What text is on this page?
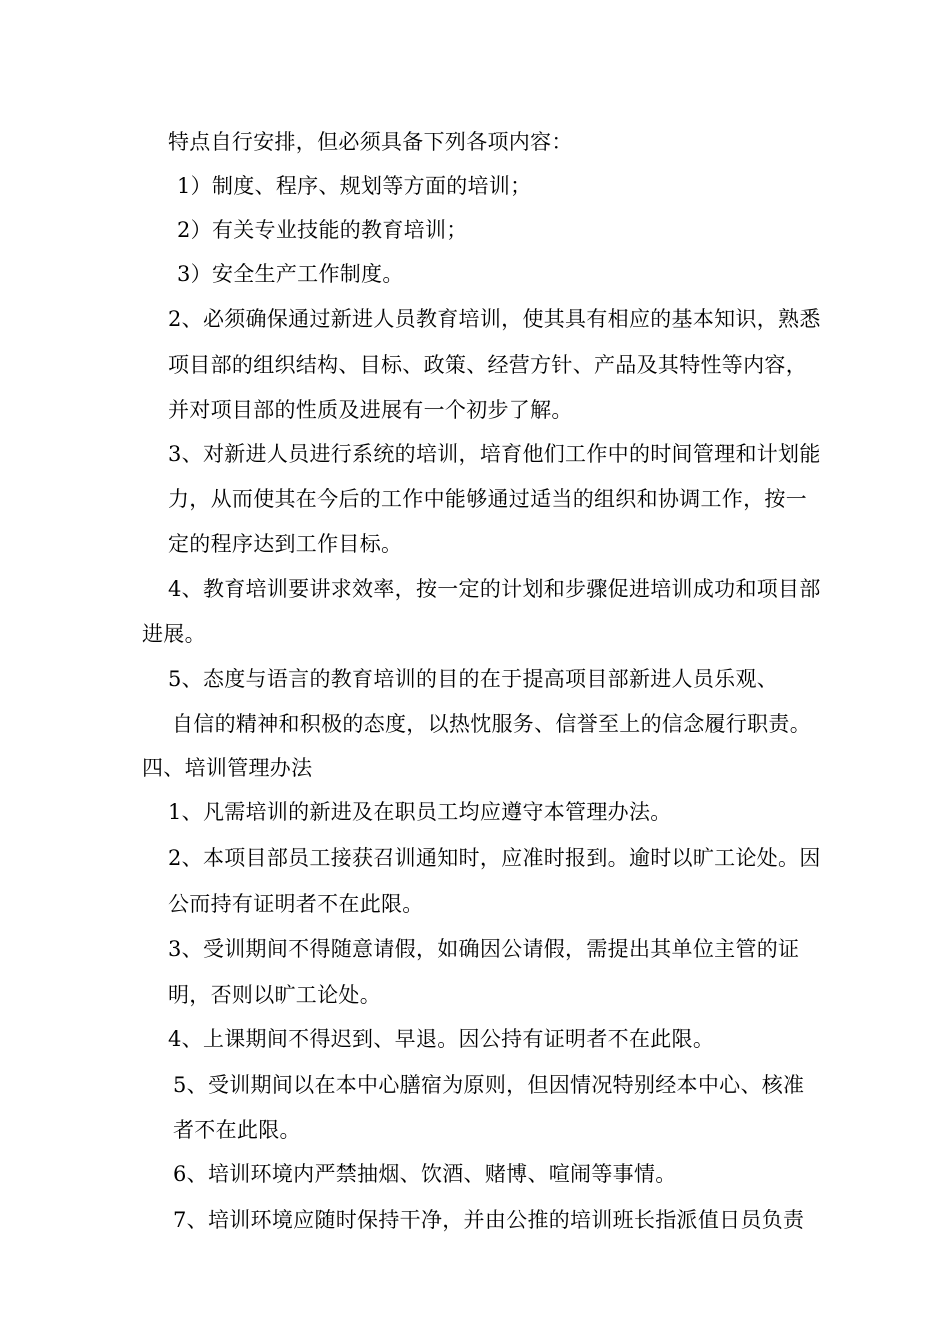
特点自行安排，但必须具备下列各项内容：
1）制度、程序、规划等方面的培训；
2）有关专业技能的教育培训；
3）安全生产工作制度。
2、必须确保通过新进人员教育培训，使其具有相应的基本知识，熟悉
项目部的组织结构、目标、政策、经营方针、产品及其特性等内容，
并对项目部的性质及进展有一个初步了解。
3、对新进人员进行系统的培训，培育他们工作中的时间管理和计划能
力，从而使其在今后的工作中能够通过适当的组织和协调工作，按一
定的程序达到工作目标。
4、教育培训要讲求效率，按一定的计划和步骤促进培训成功和项目部
进展。
5、态度与语言的教育培训的目的在于提高项目部新进人员乐观、
自信的精神和积极的态度，以热忱服务、信誉至上的信念履行职责。
四、培训管理办法
1、凡需培训的新进及在职员工均应遵守本管理办法。
2、本项目部员工接获召训通知时，应准时报到。逾时以旷工论处。因
公而持有证明者不在此限。
3、受训期间不得随意请假，如确因公请假，需提出其单位主管的证
明，否则以旷工论处。
4、上课期间不得迟到、早退。因公持有证明者不在此限。
5、受训期间以在本中心膳宿为原则，但因情况特别经本中心、核准
者不在此限。
6、培训环境内严禁抽烟、饮酒、赌博、喧闹等事情。
7、培训环境应随时保持干净，并由公推的培训班长指派值日员负责
